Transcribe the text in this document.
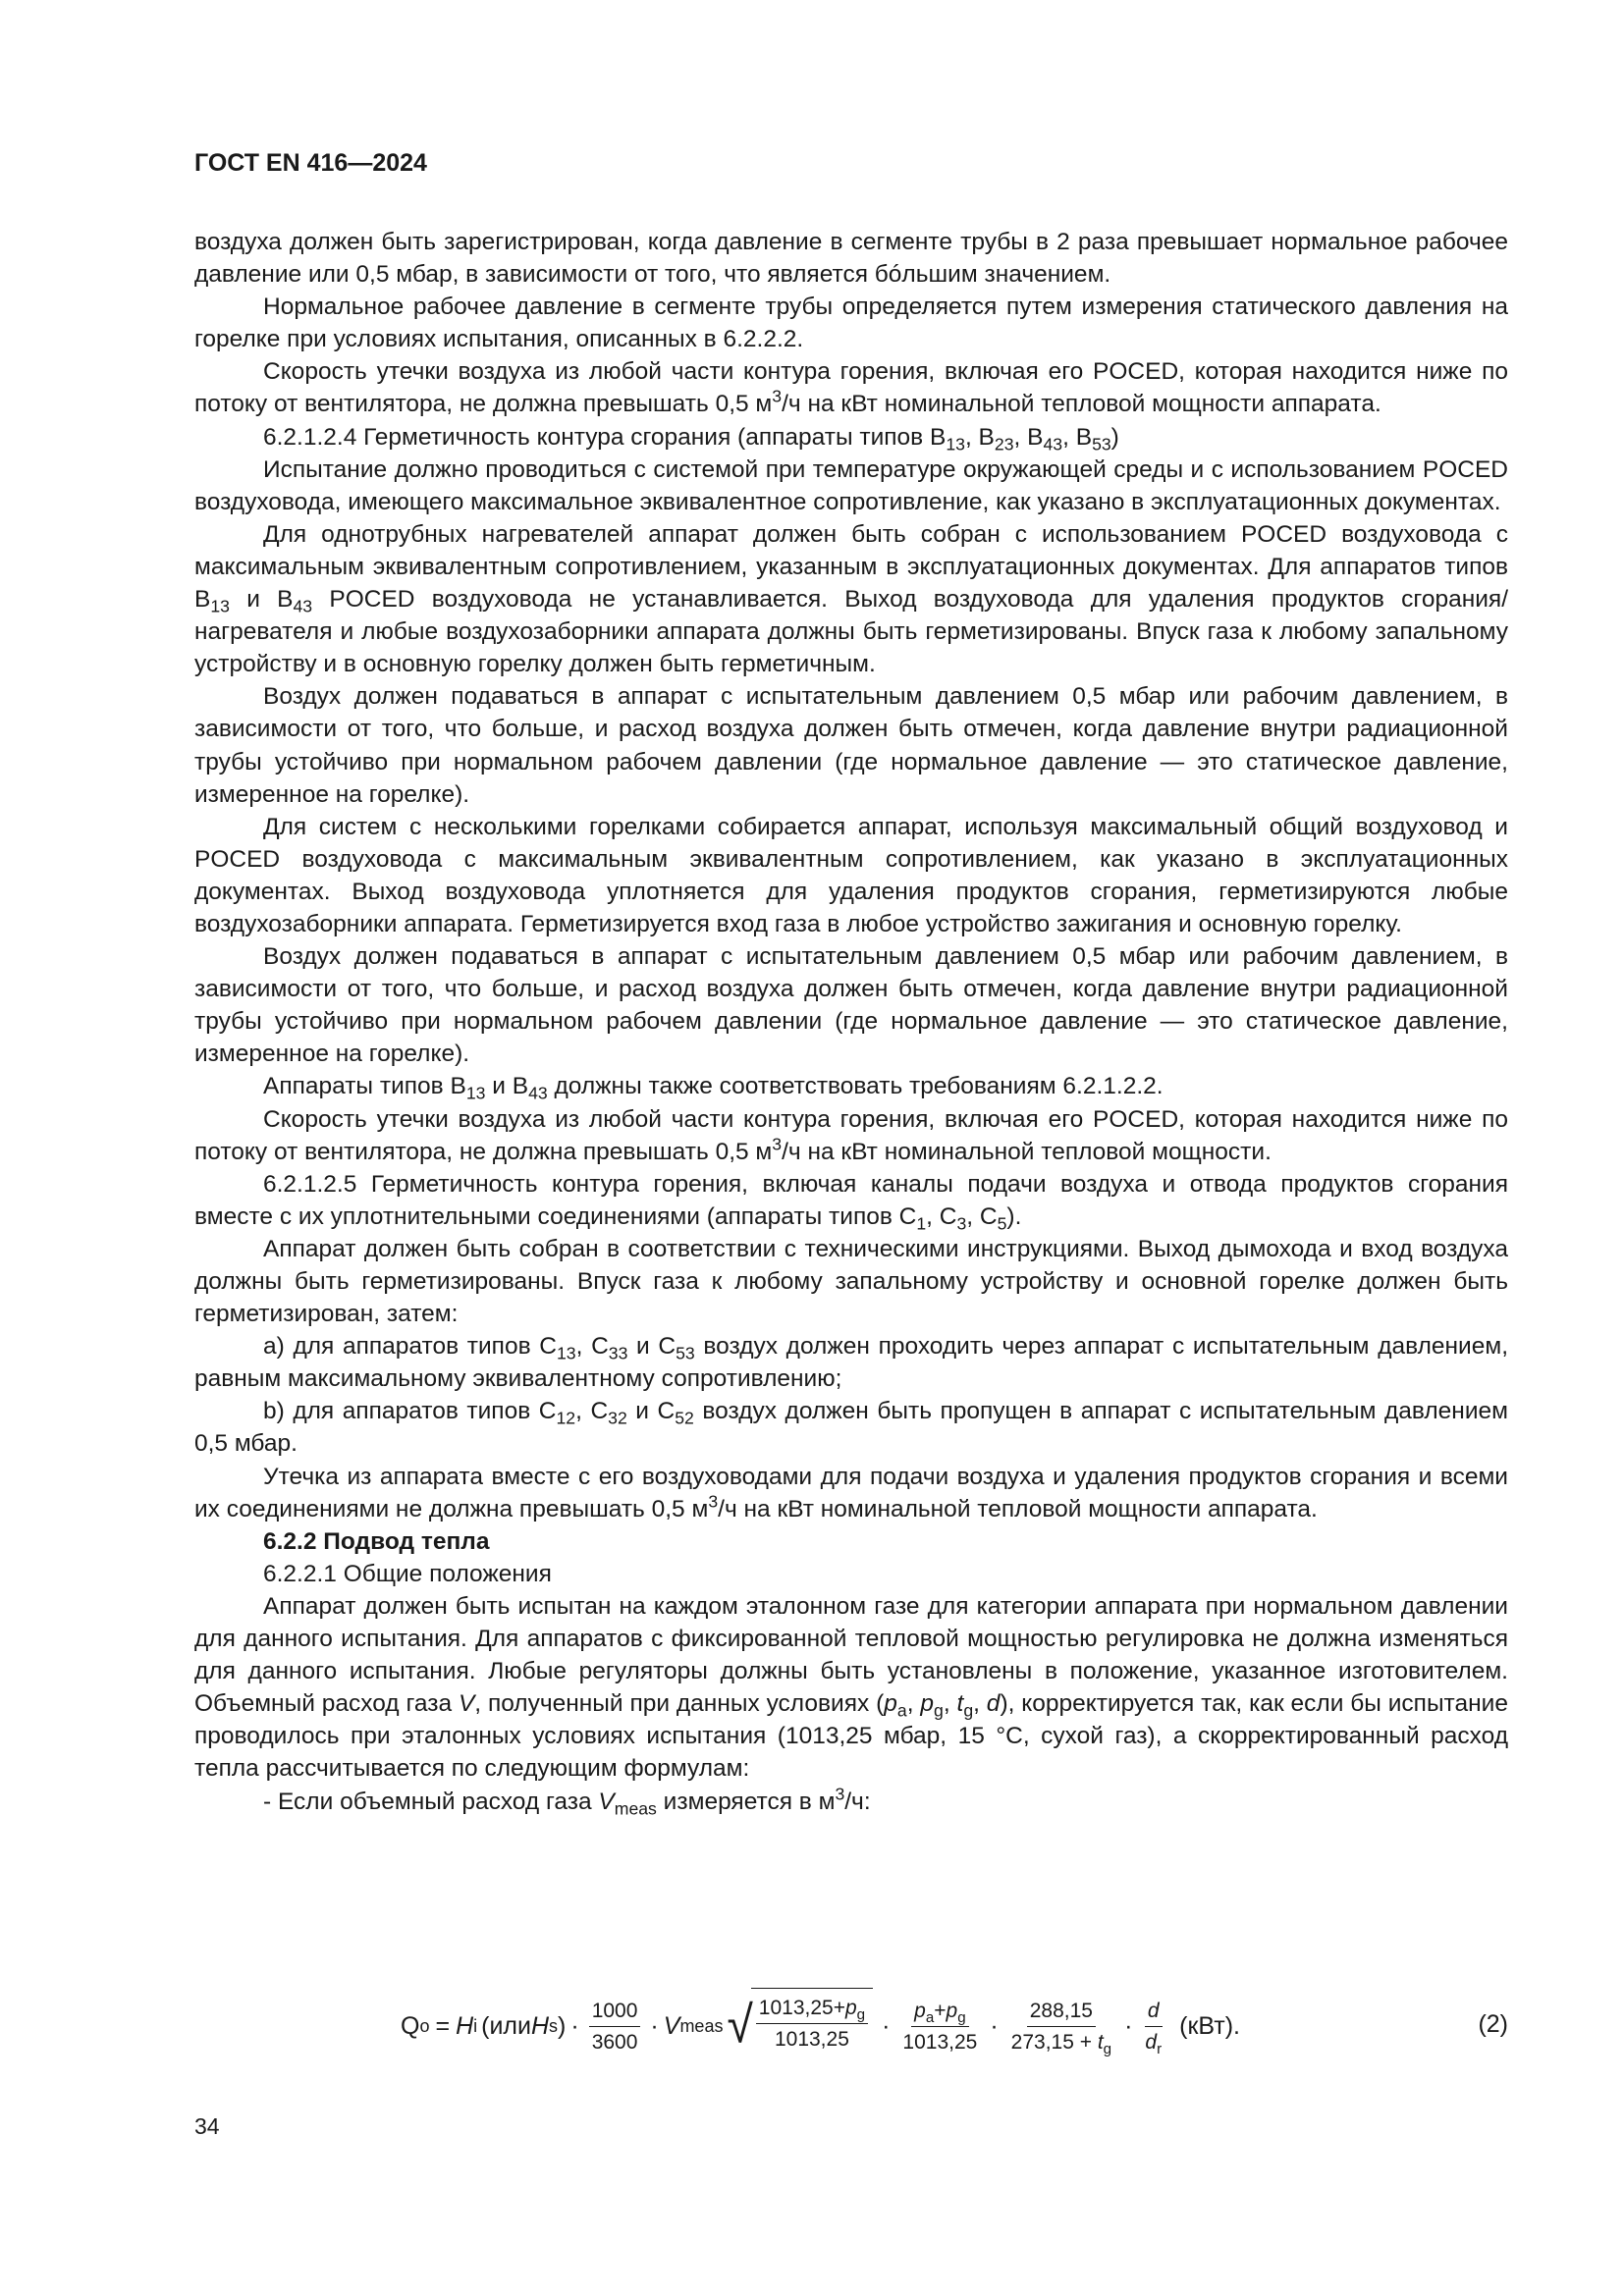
ГОСТ EN 416—2024

воздуха должен быть зарегистрирован, когда давление в сегменте трубы в 2 раза превышает нормальное рабочее давление или 0,5 мбар, в зависимости от того, что является бóльшим значением.

Нормальное рабочее давление в сегменте трубы определяется путем измерения статического давления на горелке при условиях испытания, описанных в 6.2.2.2.

Скорость утечки воздуха из любой части контура горения, включая его POCED, которая находится ниже по потоку от вентилятора, не должна превышать 0,5 $м^3/ч$ на кВт номинальной тепловой мощности аппарата.

6.2.1.2.4 Герметичность контура сгорания (аппараты типов $B_{13}$, $B_{23}$, $B_{43}$, $B_{53}$)

Испытание должно проводиться с системой при температуре окружающей среды и с использованием POCED воздуховода, имеющего максимальное эквивалентное сопротивление, как указано в эксплуатационных документах.

Для однотрубных нагревателей аппарат должен быть собран с использованием POCED воздуховода с максимальным эквивалентным сопротивлением, указанным в эксплуатационных документах. Для аппаратов типов $B_{13}$ и $B_{43}$ POCED воздуховода не устанавливается. Выход воздуховода для удаления продуктов сгорания/нагревателя и любые воздухозаборники аппарата должны быть герметизированы. Впуск газа к любому запальному устройству и в основную горелку должен быть герметичным.

Воздух должен подаваться в аппарат с испытательным давлением 0,5 мбар или рабочим давлением, в зависимости от того, что больше, и расход воздуха должен быть отмечен, когда давление внутри радиационной трубы устойчиво при нормальном рабочем давлении (где нормальное давление — это статическое давление, измеренное на горелке).

Для систем с несколькими горелками собирается аппарат, используя максимальный общий воздуховод и POCED воздуховода с максимальным эквивалентным сопротивлением, как указано в эксплуатационных документах. Выход воздуховода уплотняется для удаления продуктов сгорания, герметизируются любые воздухозаборники аппарата. Герметизируется вход газа в любое устройство зажигания и основную горелку.

Воздух должен подаваться в аппарат с испытательным давлением 0,5 мбар или рабочим давлением, в зависимости от того, что больше, и расход воздуха должен быть отмечен, когда давление внутри радиационной трубы устойчиво при нормальном рабочем давлении (где нормальное давление — это статическое давление, измеренное на горелке).

Аппараты типов $B_{13}$ и $B_{43}$ должны также соответствовать требованиям 6.2.1.2.2.

Скорость утечки воздуха из любой части контура горения, включая его POCED, которая находится ниже по потоку от вентилятора, не должна превышать 0,5 $м^3/ч$ на кВт номинальной тепловой мощности.

6.2.1.2.5 Герметичность контура горения, включая каналы подачи воздуха и отвода продуктов сгорания вместе с их уплотнительными соединениями (аппараты типов $C_1$, $C_3$, $C_5$).

Аппарат должен быть собран в соответствии с техническими инструкциями. Выход дымохода и вход воздуха должны быть герметизированы. Впуск газа к любому запальному устройству и основной горелке должен быть герметизирован, затем:

a) для аппаратов типов $C_{13}$, $C_{33}$ и $C_{53}$ воздух должен проходить через аппарат с испытательным давлением, равным максимальному эквивалентному сопротивлению;

b) для аппаратов типов $C_{12}$, $C_{32}$ и $C_{52}$ воздух должен быть пропущен в аппарат с испытательным давлением 0,5 мбар.

Утечка из аппарата вместе с его воздуховодами для подачи воздуха и удаления продуктов сгорания и всеми их соединениями не должна превышать 0,5 $м^3/ч$ на кВт номинальной тепловой мощности аппарата.

6.2.2 Подвод тепла

6.2.2.1 Общие положения

Аппарат должен быть испытан на каждом эталонном газе для категории аппарата при нормальном давлении для данного испытания. Для аппаратов с фиксированной тепловой мощностью регулировка не должна изменяться для данного испытания. Любые регуляторы должны быть установлены в положение, указанное изготовителем. Объемный расход газа V, полученный при данных условиях ($p_a$, $p_g$, $t_g$, d), корректируется так, как если бы испытание проводилось при эталонных условиях испытания (1013,25 мбар, 15 °C, сухой газ), а скорректированный расход тепла рассчитывается по следующим формулам:

- Если объемный расход газа $V_{meas}$ измеряется в $м^3/ч$:

Q o = H i (или H s ) · $\frac{1000}{3600} \cdot V$ meas √ $\frac{1013,25+p_g}{1013,25} \cdot \frac{p_a+p_g}{1013,25} \cdot \frac{288,15}{273,15 + t_g} \cdot \frac{d}{d_r} (кВт)$.	(2)
34
